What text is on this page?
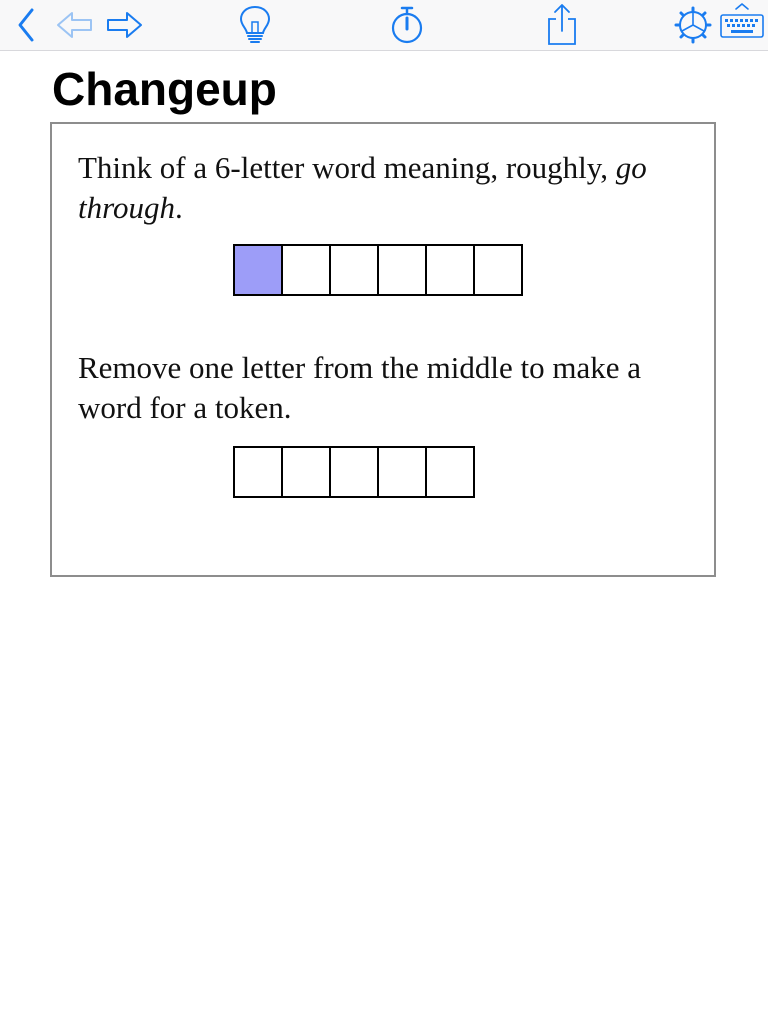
Changeup

Think of a 6-letter word meaning, roughly, go through.

Remove one letter from the middle to make a word for a token.
